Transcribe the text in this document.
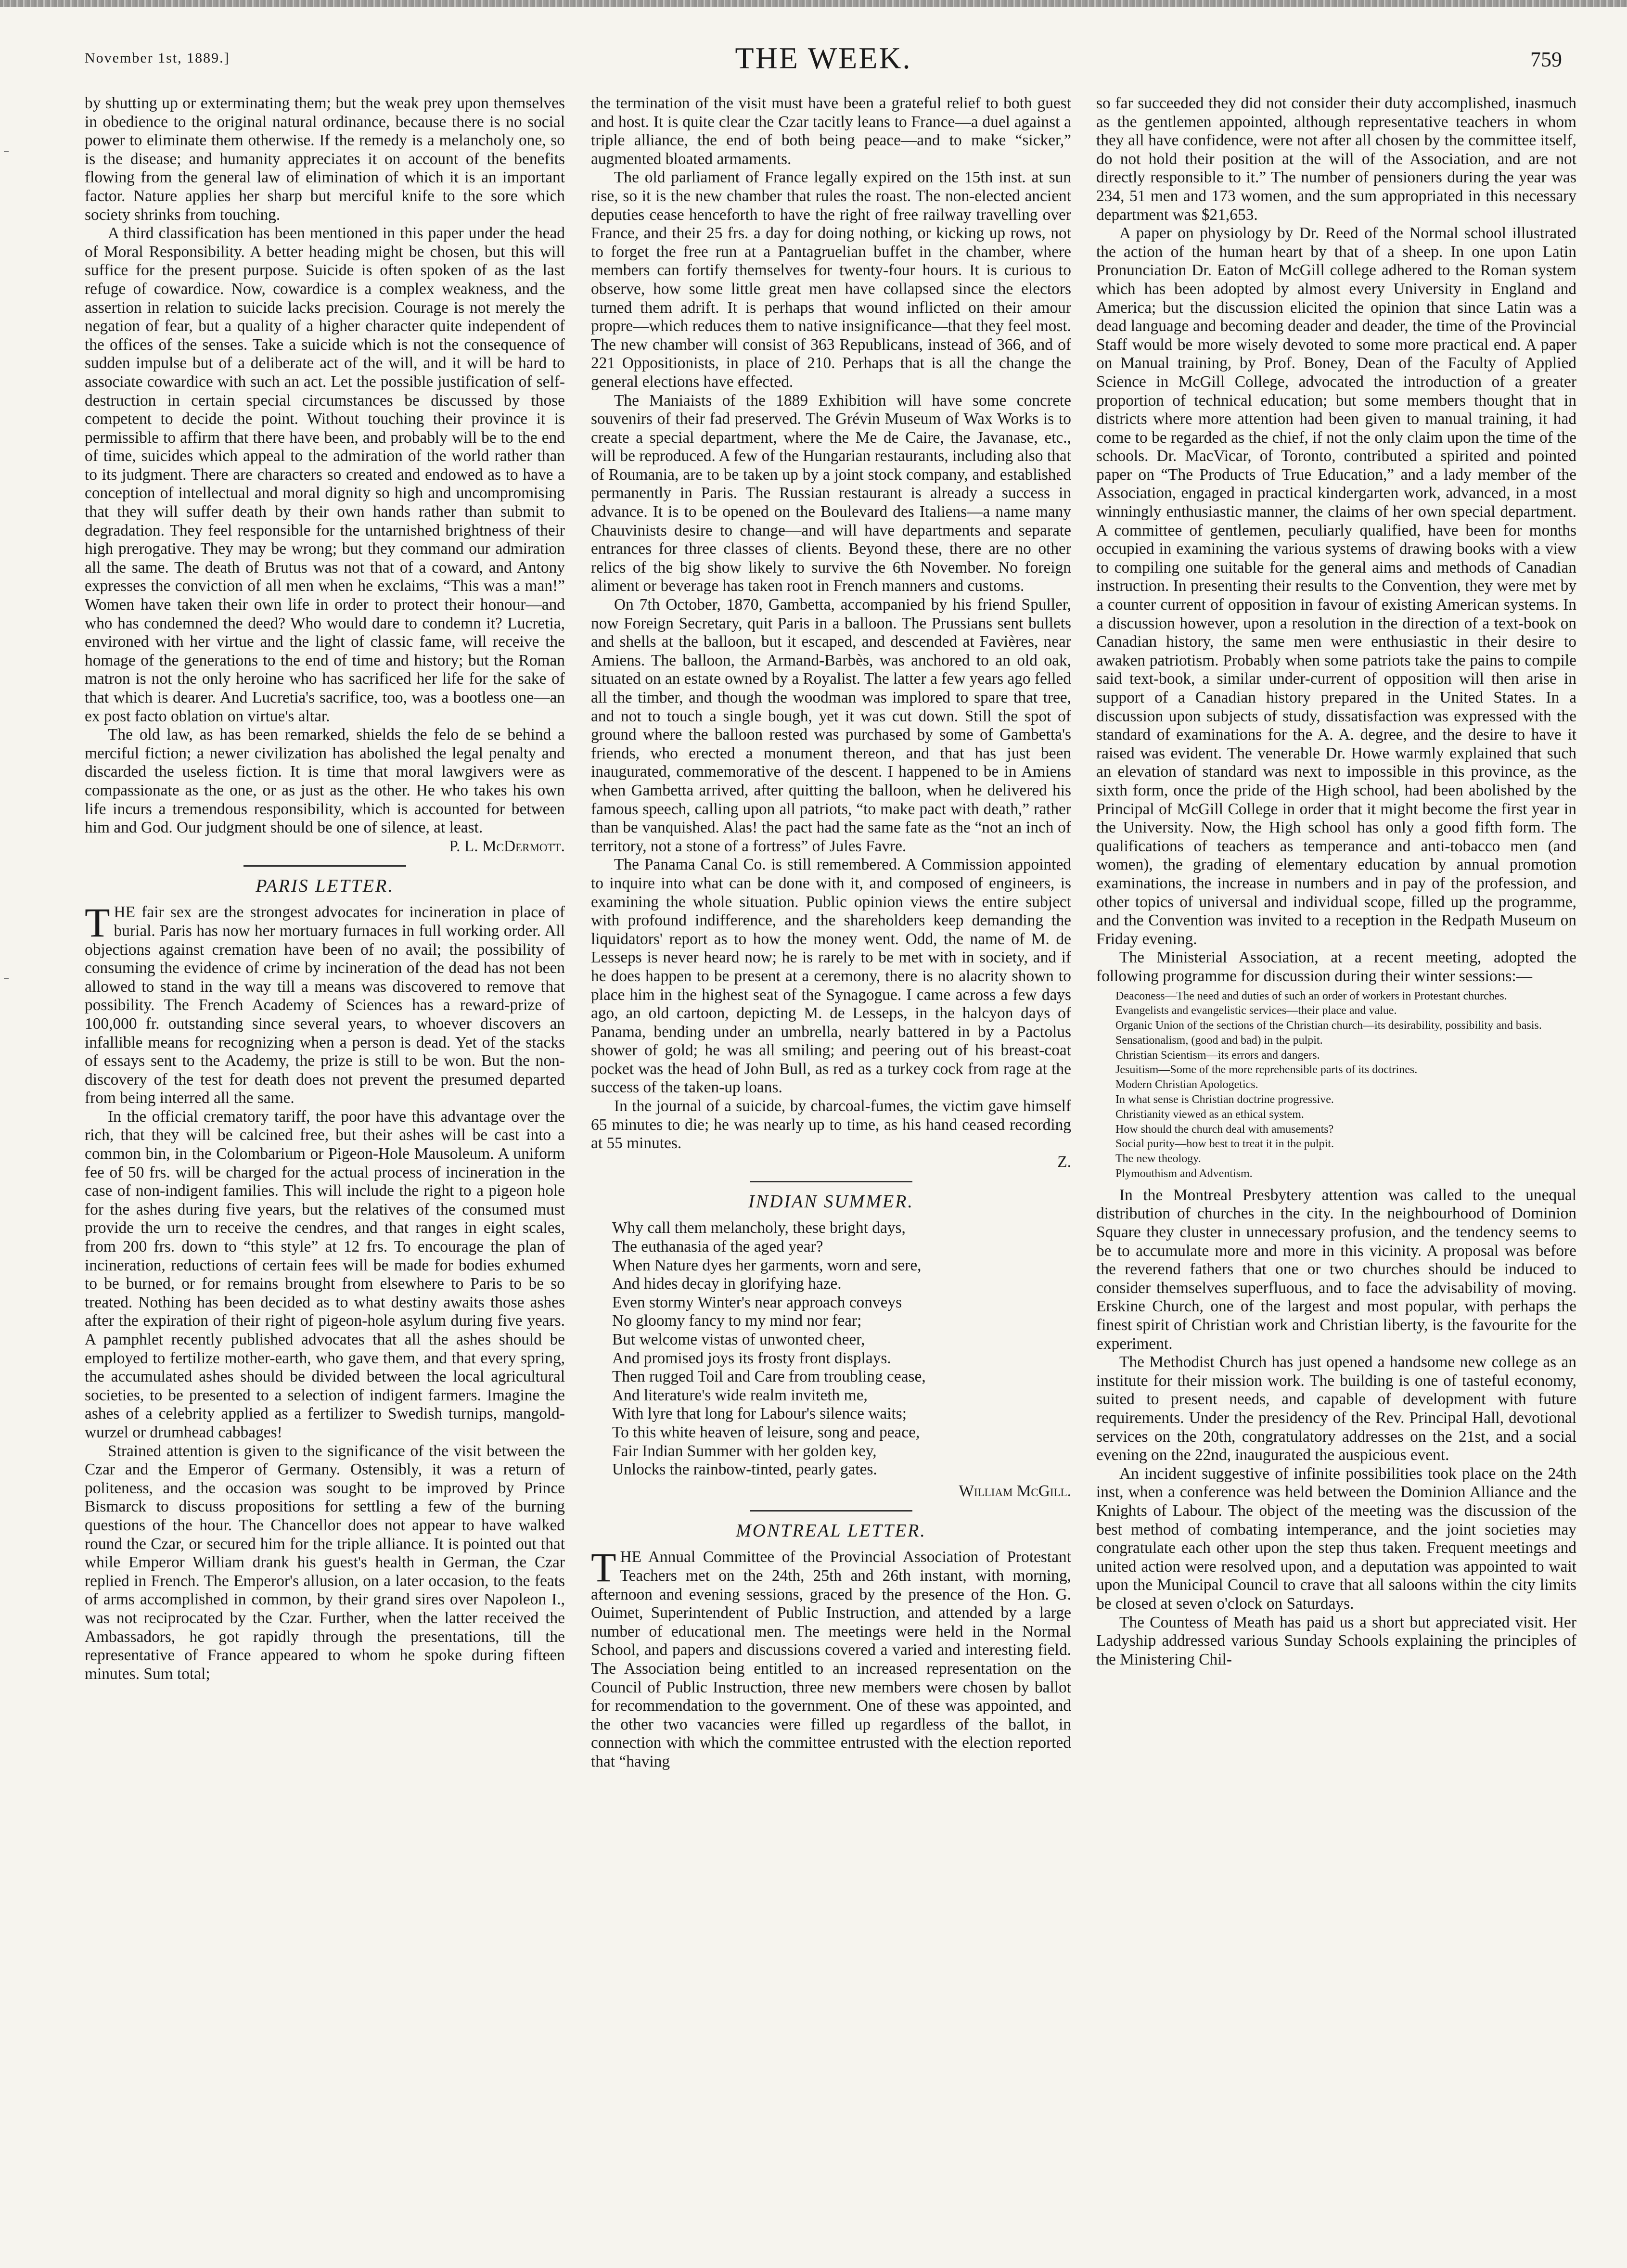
November 1st, 1889.]	THE WEEK.	759

by shutting up or exterminating them; but the weak prey upon themselves in obedience to the original natural ordinance, because there is no social power to eliminate them otherwise. If the remedy is a melancholy one, so is the disease; and humanity appreciates it on account of the benefits flowing from the general law of elimination of which it is an important factor. Nature applies her sharp but merciful knife to the sore which society shrinks from touching.

A third classification has been mentioned in this paper under the head of Moral Responsibility. A better heading might be chosen, but this will suffice for the present purpose. Suicide is often spoken of as the last refuge of cowardice. Now, cowardice is a complex weakness, and the assertion in relation to suicide lacks precision. Courage is not merely the negation of fear, but a quality of a higher character quite independent of the offices of the senses. Take a suicide which is not the consequence of sudden impulse but of a deliberate act of the will, and it will be hard to associate cowardice with such an act. Let the possible justification of self-destruction in certain special circumstances be discussed by those competent to decide the point. Without touching their province it is permissible to affirm that there have been, and probably will be to the end of time, suicides which appeal to the admiration of the world rather than to its judgment. There are characters so created and endowed as to have a conception of intellectual and moral dignity so high and uncompromising that they will suffer death by their own hands rather than submit to degradation. They feel responsible for the untarnished brightness of their high prerogative. They may be wrong; but they command our admiration all the same. The death of Brutus was not that of a coward, and Antony expresses the conviction of all men when he exclaims, “This was a man!” Women have taken their own life in order to protect their honour—and who has condemned the deed? Who would dare to condemn it? Lucretia, environed with her virtue and the light of classic fame, will receive the homage of the generations to the end of time and history; but the Roman matron is not the only heroine who has sacrificed her life for the sake of that which is dearer. And Lucretia's sacrifice, too, was a bootless one—an ex post facto oblation on virtue's altar.

The old law, as has been remarked, shields the felo de se behind a merciful fiction; a newer civilization has abolished the legal penalty and discarded the useless fiction. It is time that moral lawgivers were as compassionate as the one, or as just as the other. He who takes his own life incurs a tremendous responsibility, which is accounted for between him and God. Our judgment should be one of silence, at least.

P. L. McDermott.
PARIS LETTER.

THE fair sex are the strongest advocates for incineration in place of burial. Paris has now her mortuary furnaces in full working order. All objections against cremation have been of no avail; the possibility of consuming the evidence of crime by incineration of the dead has not been allowed to stand in the way till a means was discovered to remove that possibility. The French Academy of Sciences has a reward-prize of 100,000 fr. outstanding since several years, to whoever discovers an infallible means for recognizing when a person is dead. Yet of the stacks of essays sent to the Academy, the prize is still to be won. But the non-discovery of the test for death does not prevent the presumed departed from being interred all the same.

In the official crematory tariff, the poor have this advantage over the rich, that they will be calcined free, but their ashes will be cast into a common bin, in the Colombarium or Pigeon-Hole Mausoleum. A uniform fee of 50 frs. will be charged for the actual process of incineration in the case of non-indigent families. This will include the right to a pigeon hole for the ashes during five years, but the relatives of the consumed must provide the urn to receive the cendres, and that ranges in eight scales, from 200 frs. down to “this style” at 12 frs. To encourage the plan of incineration, reductions of certain fees will be made for bodies exhumed to be burned, or for remains brought from elsewhere to Paris to be so treated. Nothing has been decided as to what destiny awaits those ashes after the expiration of their right of pigeon-hole asylum during five years. A pamphlet recently published advocates that all the ashes should be employed to fertilize mother-earth, who gave them, and that every spring, the accumulated ashes should be divided between the local agricultural societies, to be presented to a selection of indigent farmers. Imagine the ashes of a celebrity applied as a fertilizer to Swedish turnips, mangold-wurzel or drumhead cabbages!

Strained attention is given to the significance of the visit between the Czar and the Emperor of Germany. Ostensibly, it was a return of politeness, and the occasion was sought to be improved by Prince Bismarck to discuss propositions for settling a few of the burning questions of the hour. The Chancellor does not appear to have walked round the Czar, or secured him for the triple alliance. It is pointed out that while Emperor William drank his guest's health in German, the Czar replied in French. The Emperor's allusion, on a later occasion, to the feats of arms accomplished in common, by their grand sires over Napoleon I., was not reciprocated by the Czar. Further, when the latter received the Ambassadors, he got rapidly through the presentations, till the representative of France appeared to whom he spoke during fifteen minutes. Sum total;

the termination of the visit must have been a grateful relief to both guest and host. It is quite clear the Czar tacitly leans to France—a duel against a triple alliance, the end of both being peace—and to make “sicker,” augmented bloated armaments.

The old parliament of France legally expired on the 15th inst. at sun rise, so it is the new chamber that rules the roast. The non-elected ancient deputies cease henceforth to have the right of free railway travelling over France, and their 25 frs. a day for doing nothing, or kicking up rows, not to forget the free run at a Pantagruelian buffet in the chamber, where members can fortify themselves for twenty-four hours. It is curious to observe, how some little great men have collapsed since the electors turned them adrift. It is perhaps that wound inflicted on their amour propre—which reduces them to native insignificance—that they feel most. The new chamber will consist of 363 Republicans, instead of 366, and of 221 Oppositionists, in place of 210. Perhaps that is all the change the general elections have effected.

The Maniaists of the 1889 Exhibition will have some concrete souvenirs of their fad preserved. The Grévin Museum of Wax Works is to create a special department, where the Me de Caire, the Javanase, etc., will be reproduced. A few of the Hungarian restaurants, including also that of Roumania, are to be taken up by a joint stock company, and established permanently in Paris. The Russian restaurant is already a success in advance. It is to be opened on the Boulevard des Italiens—a name many Chauvinists desire to change—and will have departments and separate entrances for three classes of clients. Beyond these, there are no other relics of the big show likely to survive the 6th November. No foreign aliment or beverage has taken root in French manners and customs.

On 7th October, 1870, Gambetta, accompanied by his friend Spuller, now Foreign Secretary, quit Paris in a balloon. The Prussians sent bullets and shells at the balloon, but it escaped, and descended at Favières, near Amiens. The balloon, the Armand-Barbès, was anchored to an old oak, situated on an estate owned by a Royalist. The latter a few years ago felled all the timber, and though the woodman was implored to spare that tree, and not to touch a single bough, yet it was cut down. Still the spot of ground where the balloon rested was purchased by some of Gambetta's friends, who erected a monument thereon, and that has just been inaugurated, commemorative of the descent. I happened to be in Amiens when Gambetta arrived, after quitting the balloon, when he delivered his famous speech, calling upon all patriots, “to make pact with death,” rather than be vanquished. Alas! the pact had the same fate as the “not an inch of territory, not a stone of a fortress” of Jules Favre.

The Panama Canal Co. is still remembered. A Commission appointed to inquire into what can be done with it, and composed of engineers, is examining the whole situation. Public opinion views the entire subject with profound indifference, and the shareholders keep demanding the liquidators' report as to how the money went. Odd, the name of M. de Lesseps is never heard now; he is rarely to be met with in society, and if he does happen to be present at a ceremony, there is no alacrity shown to place him in the highest seat of the Synagogue. I came across a few days ago, an old cartoon, depicting M. de Lesseps, in the halcyon days of Panama, bending under an umbrella, nearly battered in by a Pactolus shower of gold; he was all smiling; and peering out of his breast-coat pocket was the head of John Bull, as red as a turkey cock from rage at the success of the taken-up loans.

In the journal of a suicide, by charcoal-fumes, the victim gave himself 65 minutes to die; he was nearly up to time, as his hand ceased recording at 55 minutes.

Z.
INDIAN SUMMER.
Why call them melancholy, these bright days,
The euthanasia of the aged year?
When Nature dyes her garments, worn and sere,
And hides decay in glorifying haze.
Even stormy Winter's near approach conveys
No gloomy fancy to my mind nor fear;
But welcome vistas of unwonted cheer,
And promised joys its frosty front displays.
Then rugged Toil and Care from troubling cease,
And literature's wide realm inviteth me,
With lyre that long for Labour's silence waits;
To this white heaven of leisure, song and peace,
Fair Indian Summer with her golden key,
Unlocks the rainbow-tinted, pearly gates.
William McGill.
MONTREAL LETTER.

THE Annual Committee of the Provincial Association of Protestant Teachers met on the 24th, 25th and 26th instant, with morning, afternoon and evening sessions, graced by the presence of the Hon. G. Ouimet, Superintendent of Public Instruction, and attended by a large number of educational men. The meetings were held in the Normal School, and papers and discussions covered a varied and interesting field. The Association being entitled to an increased representation on the Council of Public Instruction, three new members were chosen by ballot for recommendation to the government. One of these was appointed, and the other two vacancies were filled up regardless of the ballot, in connection with which the committee entrusted with the election reported that “having

so far succeeded they did not consider their duty accomplished, inasmuch as the gentlemen appointed, although representative teachers in whom they all have confidence, were not after all chosen by the committee itself, do not hold their position at the will of the Association, and are not directly responsible to it.” The number of pensioners during the year was 234, 51 men and 173 women, and the sum appropriated in this necessary department was $21,653.

A paper on physiology by Dr. Reed of the Normal school illustrated the action of the human heart by that of a sheep. In one upon Latin Pronunciation Dr. Eaton of McGill college adhered to the Roman system which has been adopted by almost every University in England and America; but the discussion elicited the opinion that since Latin was a dead language and becoming deader and deader, the time of the Provincial Staff would be more wisely devoted to some more practical end. A paper on Manual training, by Prof. Boney, Dean of the Faculty of Applied Science in McGill College, advocated the introduction of a greater proportion of technical education; but some members thought that in districts where more attention had been given to manual training, it had come to be regarded as the chief, if not the only claim upon the time of the schools. Dr. MacVicar, of Toronto, contributed a spirited and pointed paper on “The Products of True Education,” and a lady member of the Association, engaged in practical kindergarten work, advanced, in a most winningly enthusiastic manner, the claims of her own special department. A committee of gentlemen, peculiarly qualified, have been for months occupied in examining the various systems of drawing books with a view to compiling one suitable for the general aims and methods of Canadian instruction. In presenting their results to the Convention, they were met by a counter current of opposition in favour of existing American systems. In a discussion however, upon a resolution in the direction of a text-book on Canadian history, the same men were enthusiastic in their desire to awaken patriotism. Probably when some patriots take the pains to compile said text-book, a similar under-current of opposition will then arise in support of a Canadian history prepared in the United States. In a discussion upon subjects of study, dissatisfaction was expressed with the standard of examinations for the A. A. degree, and the desire to have it raised was evident. The venerable Dr. Howe warmly explained that such an elevation of standard was next to impossible in this province, as the sixth form, once the pride of the High school, had been abolished by the Principal of McGill College in order that it might become the first year in the University. Now, the High school has only a good fifth form. The qualifications of teachers as temperance and anti-tobacco men (and women), the grading of elementary education by annual promotion examinations, the increase in numbers and in pay of the profession, and other topics of universal and individual scope, filled up the programme, and the Convention was invited to a reception in the Redpath Museum on Friday evening.

The Ministerial Association, at a recent meeting, adopted the following programme for discussion during their winter sessions:—

Deaconess—The need and duties of such an order of workers in Protestant churches.
Evangelists and evangelistic services—their place and value.
Organic Union of the sections of the Christian church—its desirability, possibility and basis.
Sensationalism, (good and bad) in the pulpit.
Christian Scientism—its errors and dangers.
Jesuitism—Some of the more reprehensible parts of its doctrines.
Modern Christian Apologetics.
In what sense is Christian doctrine progressive.
Christianity viewed as an ethical system.
How should the church deal with amusements?
Social purity—how best to treat it in the pulpit.
The new theology.
Plymouthism and Adventism.

In the Montreal Presbytery attention was called to the unequal distribution of churches in the city. In the neighbourhood of Dominion Square they cluster in unnecessary profusion, and the tendency seems to be to accumulate more and more in this vicinity. A proposal was before the reverend fathers that one or two churches should be induced to consider themselves superfluous, and to face the advisability of moving. Erskine Church, one of the largest and most popular, with perhaps the finest spirit of Christian work and Christian liberty, is the favourite for the experiment.

The Methodist Church has just opened a handsome new college as an institute for their mission work. The building is one of tasteful economy, suited to present needs, and capable of development with future requirements. Under the presidency of the Rev. Principal Hall, devotional services on the 20th, congratulatory addresses on the 21st, and a social evening on the 22nd, inaugurated the auspicious event.

An incident suggestive of infinite possibilities took place on the 24th inst, when a conference was held between the Dominion Alliance and the Knights of Labour. The object of the meeting was the discussion of the best method of combating intemperance, and the joint societies may congratulate each other upon the step thus taken. Frequent meetings and united action were resolved upon, and a deputation was appointed to wait upon the Municipal Council to crave that all saloons within the city limits be closed at seven o'clock on Saturdays.

The Countess of Meath has paid us a short but appreciated visit. Her Ladyship addressed various Sunday Schools explaining the principles of the Ministering Chil-
